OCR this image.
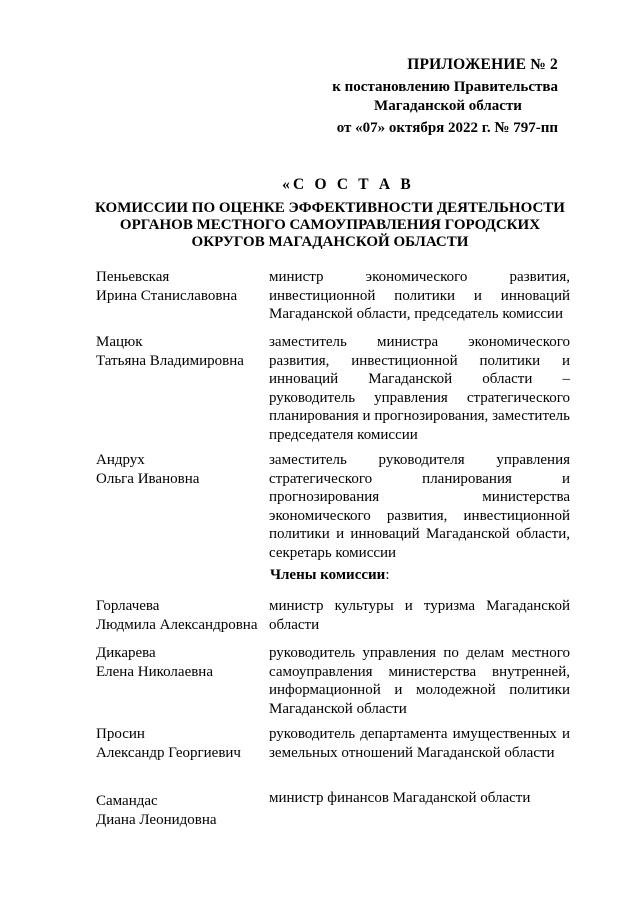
ПРИЛОЖЕНИЕ № 2
к постановлению Правительства
Магаданской области
от «07» октября 2022 г. № 797-пп
«С О С Т А В
КОМИССИИ ПО ОЦЕНКЕ ЭФФЕКТИВНОСТИ ДЕЯТЕЛЬНОСТИ
ОРГАНОВ МЕСТНОГО САМОУПРАВЛЕНИЯ ГОРОДСКИХ
ОКРУГОВ МАГАДАНСКОЙ ОБЛАСТИ
Пеньевская
Ирина Станиславовна
министр экономического развития, инвестиционной политики и инноваций Магаданской области, председатель комиссии
Мацюк
Татьяна Владимировна
заместитель министра экономического развития, инвестиционной политики и инноваций Магаданской области – руководитель управления стратегического планирования и прогнозирования, заместитель председателя комиссии
Андрух
Ольга Ивановна
заместитель руководителя управления стратегического планирования и прогнозирования министерства экономического развития, инвестиционной политики и инноваций Магаданской области, секретарь комиссии
Члены комиссии:
Горлачева
Людмила Александровна
министр культуры и туризма Магаданской области
Дикарева
Елена Николаевна
руководитель управления по делам местного самоуправления министерства внутренней, информационной и молодежной политики Магаданской области
Просин
Александр Георгиевич
руководитель департамента имущественных и земельных отношений Магаданской области
Самандас
Диана Леонидовна
министр финансов Магаданской области
